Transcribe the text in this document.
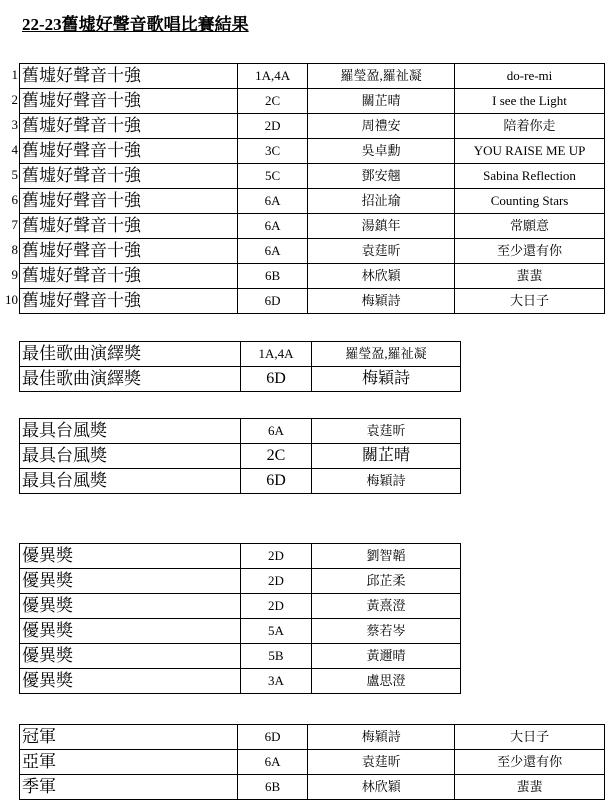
22-23舊墟好聲音歌唱比賽結果
1
2
3
4
5
6
7
8
9
10
舊墟好聲音十強	1A,4A	羅瑩盈,羅祉凝	do-re-mi
舊墟好聲音十強	2C	關芷晴	I see the Light
舊墟好聲音十強	2D	周禮安	陪着你走
舊墟好聲音十強	3C	吳卓勳	YOU RAISE ME UP
舊墟好聲音十強	5C	鄧安翹	Sabina Reflection
舊墟好聲音十強	6A	招沚瑜	Counting Stars
舊墟好聲音十強	6A	湯鎮年	常願意
舊墟好聲音十強	6A	袁莛昕	至少還有你
舊墟好聲音十強	6B	林欣穎	蜚蜚
舊墟好聲音十強	6D	梅穎詩	大日子
最佳歌曲演繹獎	1A,4A	羅瑩盈,羅祉凝
最佳歌曲演繹獎	6D	梅穎詩
最具台風獎	6A	袁莛昕
最具台風獎	2C	關芷晴
最具台風獎	6D	梅穎詩
優異獎	2D	劉智韜
優異獎	2D	邱芷柔
優異獎	2D	黃熹澄
優異獎	5A	蔡若岑
優異獎	5B	黃邇晴
優異獎	3A	盧思澄
冠軍	6D	梅穎詩	大日子
亞軍	6A	袁莛昕	至少還有你
季軍	6B	林欣穎	蜚蜚
